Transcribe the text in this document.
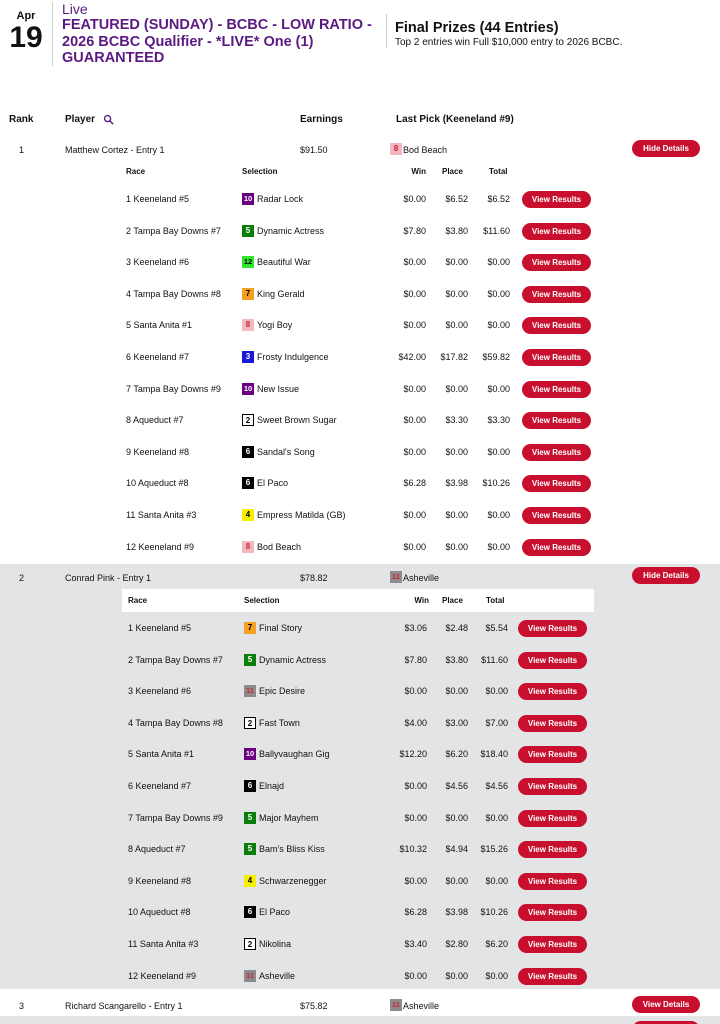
Apr
19
Live
FEATURED (SUNDAY) - BCBC - LOW RATIO - 2026 BCBC Qualifier - *LIVE* One (1) GUARANTEED
Final Prizes (44 Entries)
Top 2 entries win Full $10,000 entry to 2026 BCBC.
Rank	Player	Earnings	Last Pick (Keeneland #9)
1	Matthew Cortez - Entry 1	$91.50	8 Bod Beach	Hide Details
Race	Selection	Win Place	Total
1 Keeneland #5	10 Radar Lock	$0.00	$6.52	$6.52	View Results
2 Tampa Bay Downs #7	5 Dynamic Actress	$7.80	$3.80	$11.60	View Results
3 Keeneland #6	12 Beautiful War	$0.00	$0.00	$0.00	View Results
4 Tampa Bay Downs #8	7 King Gerald	$0.00	$0.00	$0.00	View Results
5 Santa Anita #1	8 Yogi Boy	$0.00	$0.00	$0.00	View Results
6 Keeneland #7	3 Frosty Indulgence	$42.00	$17.82	$59.82	View Results
7 Tampa Bay Downs #9	10 New Issue	$0.00	$0.00	$0.00	View Results
8 Aqueduct #7	2 Sweet Brown Sugar	$0.00	$3.30	$3.30	View Results
9 Keeneland #8	6 Sandal's Song	$0.00	$0.00	$0.00	View Results
10 Aqueduct #8	6 El Paco	$6.28	$3.98	$10.26	View Results
11 Santa Anita #3	4 Empress Matilda (GB)	$0.00	$0.00	$0.00	View Results
12 Keeneland #9	8 Bod Beach	$0.00	$0.00	$0.00	View Results
2	Conrad Pink - Entry 1	$78.82	11 Asheville	Hide Details
Race	Selection	Win Place	Total
1 Keeneland #5	7 Final Story	$3.06	$2.48	$5.54	View Results
2 Tampa Bay Downs #7	5 Dynamic Actress	$7.80	$3.80	$11.60	View Results
3 Keeneland #6	11 Epic Desire	$0.00	$0.00	$0.00	View Results
4 Tampa Bay Downs #8	2 Fast Town	$4.00	$3.00	$7.00	View Results
5 Santa Anita #1	10 Ballyvaughan Gig	$12.20	$6.20	$18.40	View Results
6 Keeneland #7	6 Elnajd	$0.00	$4.56	$4.56	View Results
7 Tampa Bay Downs #9	5 Major Mayhem	$0.00	$0.00	$0.00	View Results
8 Aqueduct #7	5 Bam's Bliss Kiss	$10.32	$4.94	$15.26	View Results
9 Keeneland #8	4 Schwarzenegger	$0.00	$0.00	$0.00	View Results
10 Aqueduct #8	6 El Paco	$6.28	$3.98	$10.26	View Results
11 Santa Anita #3	2 Nikolina	$3.40	$2.80	$6.20	View Results
12 Keeneland #9	11 Asheville	$0.00	$0.00	$0.00	View Results
3	Richard Scangarello - Entry 1	$75.82	11 Asheville	View Details
